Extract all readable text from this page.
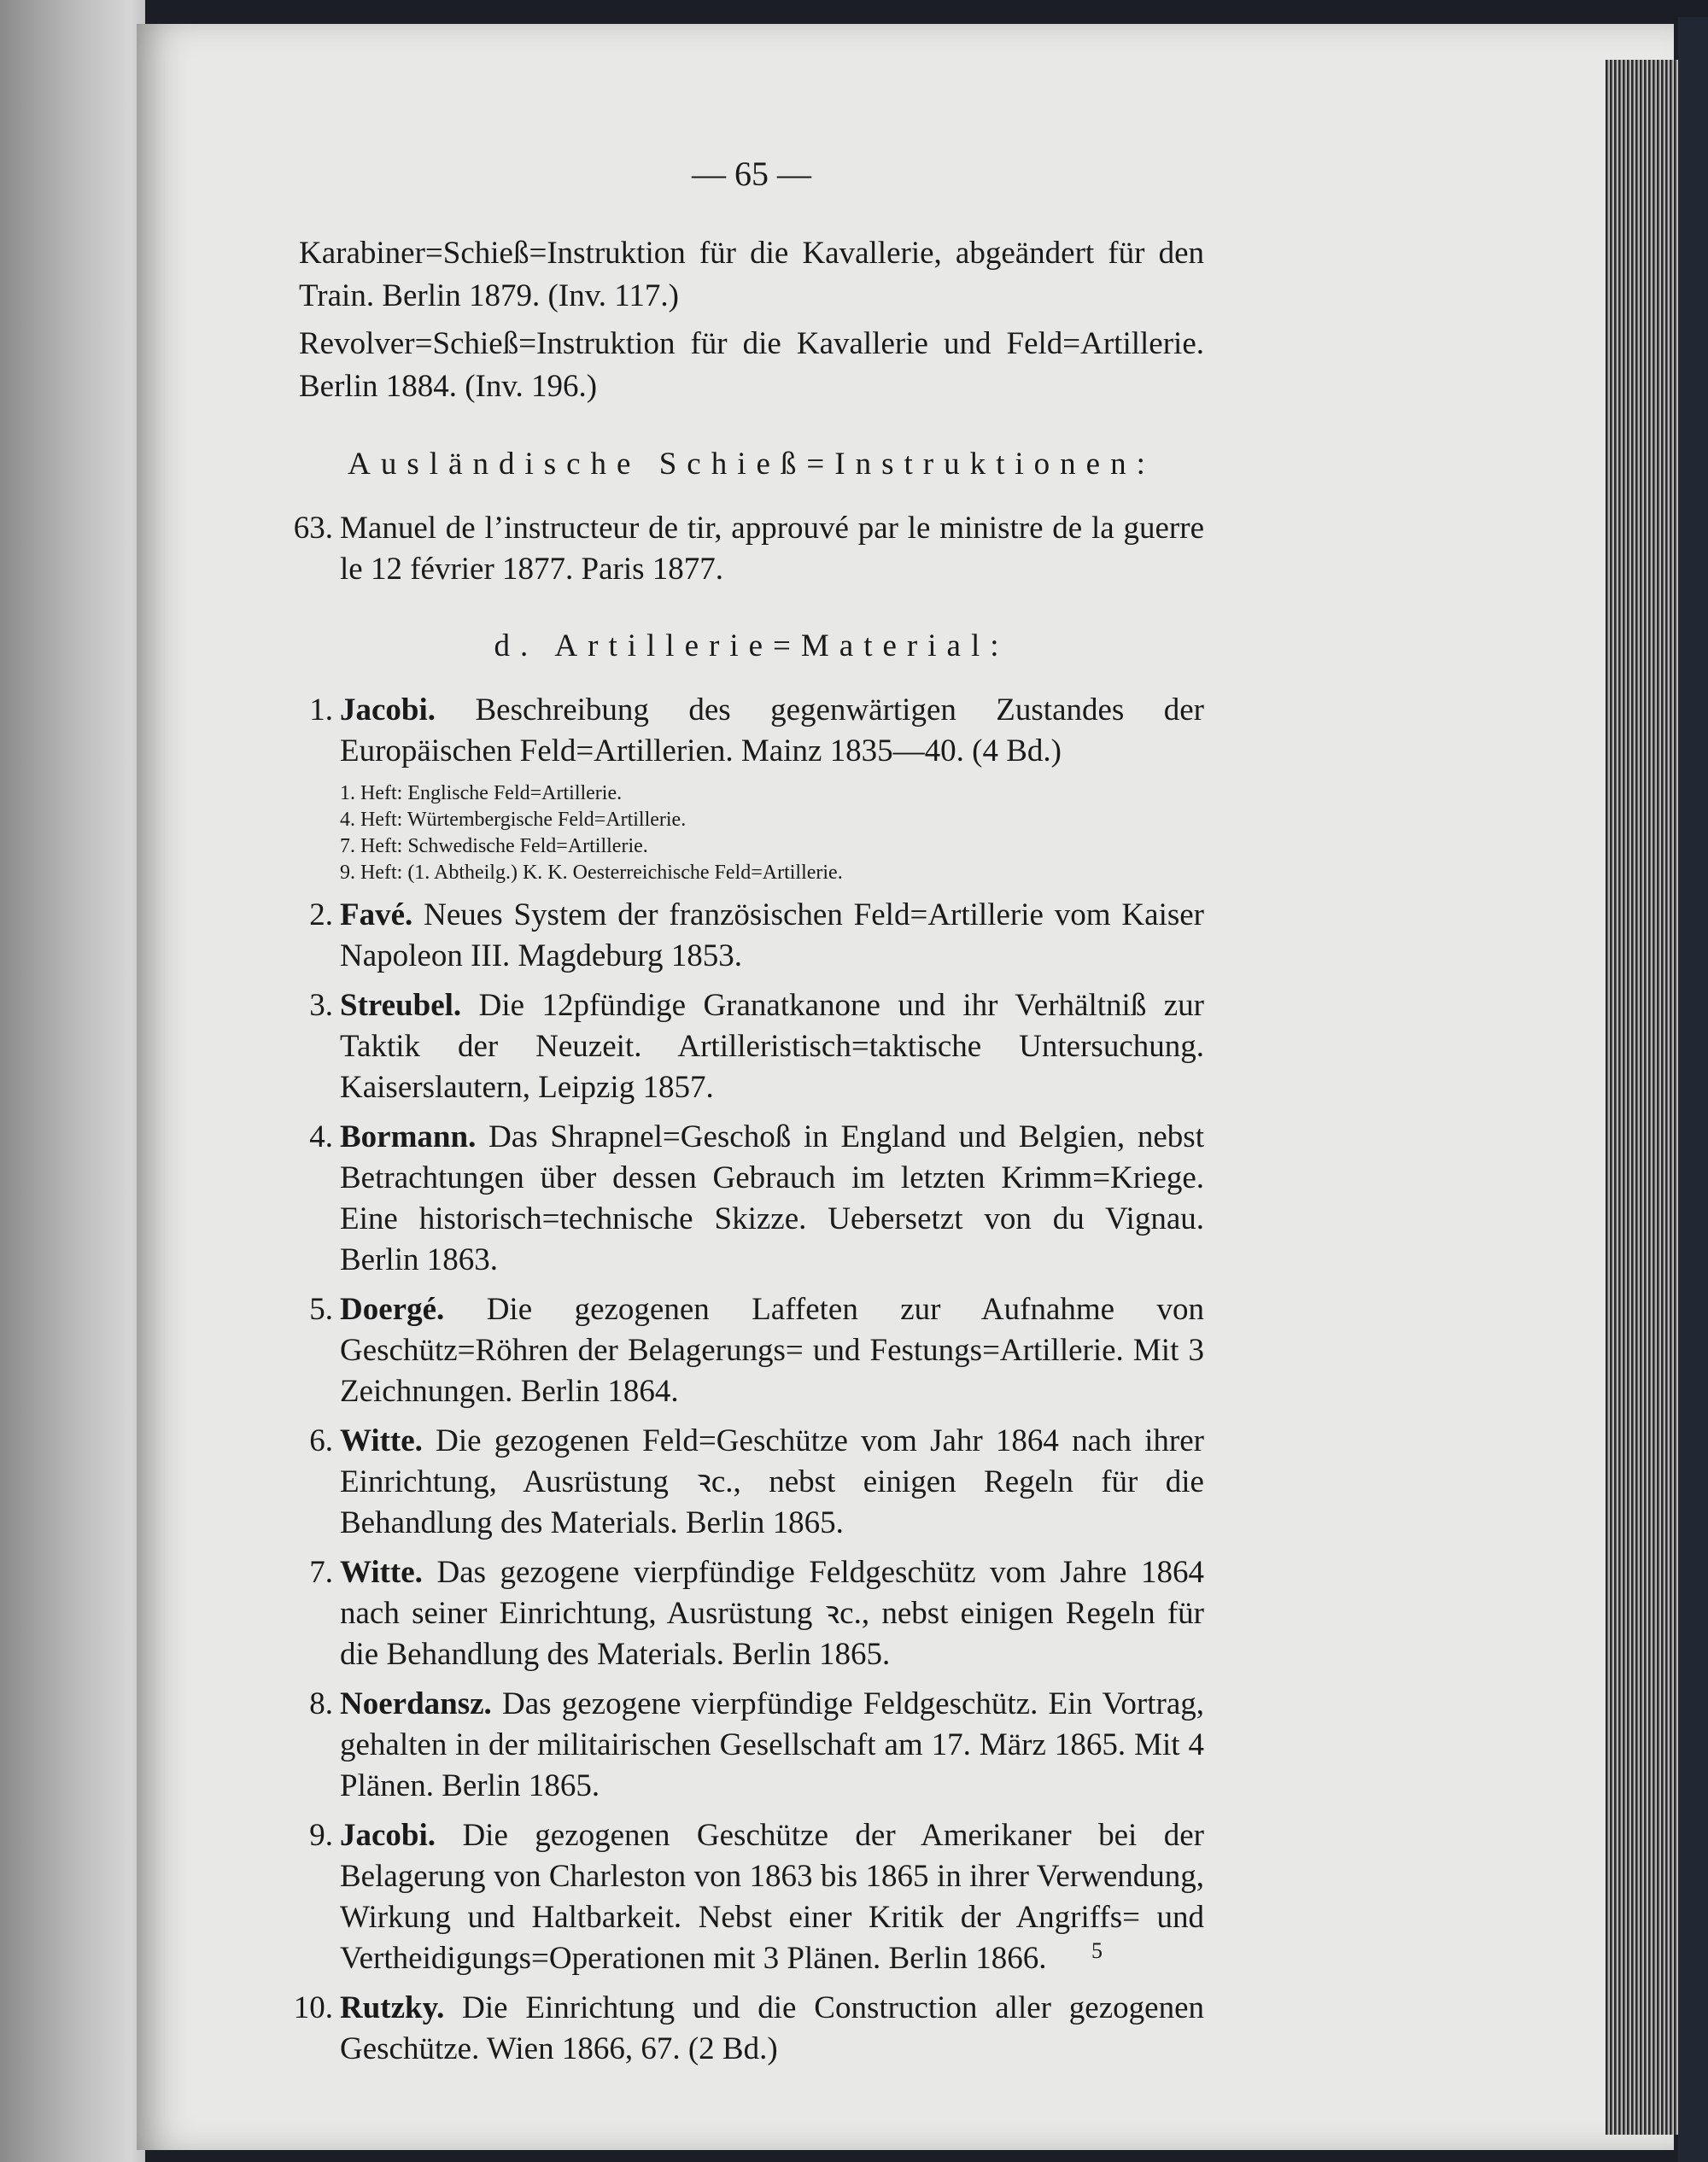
— 65 —

Karabiner=Schieß=Instruktion für die Kavallerie, abgeändert für den Train. Berlin 1879. (Inv. 117.)

Revolver=Schieß=Instruktion für die Kavallerie und Feld=Artillerie. Berlin 1884. (Inv. 196.)

Ausländische Schieß=Instruktionen:
63. Manuel de l’instructeur de tir, approuvé par le ministre de la guerre le 12 février 1877. Paris 1877.
d. Artillerie=Material:
1. Jacobi. Beschreibung des gegenwärtigen Zustandes der Europäischen Feld=Artillerien. Mainz 1835—40. (4 Bd.)
1. Heft: Englische Feld=Artillerie.
4. Heft: Würtembergische Feld=Artillerie.
7. Heft: Schwedische Feld=Artillerie.
9. Heft: (1. Abtheilg.) K. K. Oesterreichische Feld=Artillerie.
2. Favé. Neues System der französischen Feld=Artillerie vom Kaiser Napoleon III. Magdeburg 1853.
3. Streubel. Die 12pfündige Granatkanone und ihr Verhältniß zur Taktik der Neuzeit. Artilleristisch=taktische Untersuchung. Kaiserslautern, Leipzig 1857.
4. Bormann. Das Shrapnel=Geschoß in England und Belgien, nebst Betrachtungen über dessen Gebrauch im letzten Krimm=Kriege. Eine historisch=technische Skizze. Uebersetzt von du Vignau. Berlin 1863.
5. Doergé. Die gezogenen Laffeten zur Aufnahme von Geschütz=Röhren der Belagerungs= und Festungs=Artillerie. Mit 3 Zeichnungen. Berlin 1864.
6. Witte. Die gezogenen Feld=Geschütze vom Jahr 1864 nach ihrer Einrichtung, Ausrüstung ꝛc., nebst einigen Regeln für die Behandlung des Materials. Berlin 1865.
7. Witte. Das gezogene vierpfündige Feldgeschütz vom Jahre 1864 nach seiner Einrichtung, Ausrüstung ꝛc., nebst einigen Regeln für die Behandlung des Materials. Berlin 1865.
8. Noerdansz. Das gezogene vierpfündige Feldgeschütz. Ein Vortrag, gehalten in der militairischen Gesellschaft am 17. März 1865. Mit 4 Plänen. Berlin 1865.
9. Jacobi. Die gezogenen Geschütze der Amerikaner bei der Belagerung von Charleston von 1863 bis 1865 in ihrer Verwendung, Wirkung und Haltbarkeit. Nebst einer Kritik der Angriffs= und Vertheidigungs=Operationen mit 3 Plänen. Berlin 1866.
10. Rutzky. Die Einrichtung und die Construction aller gezogenen Geschütze. Wien 1866, 67. (2 Bd.)
5
